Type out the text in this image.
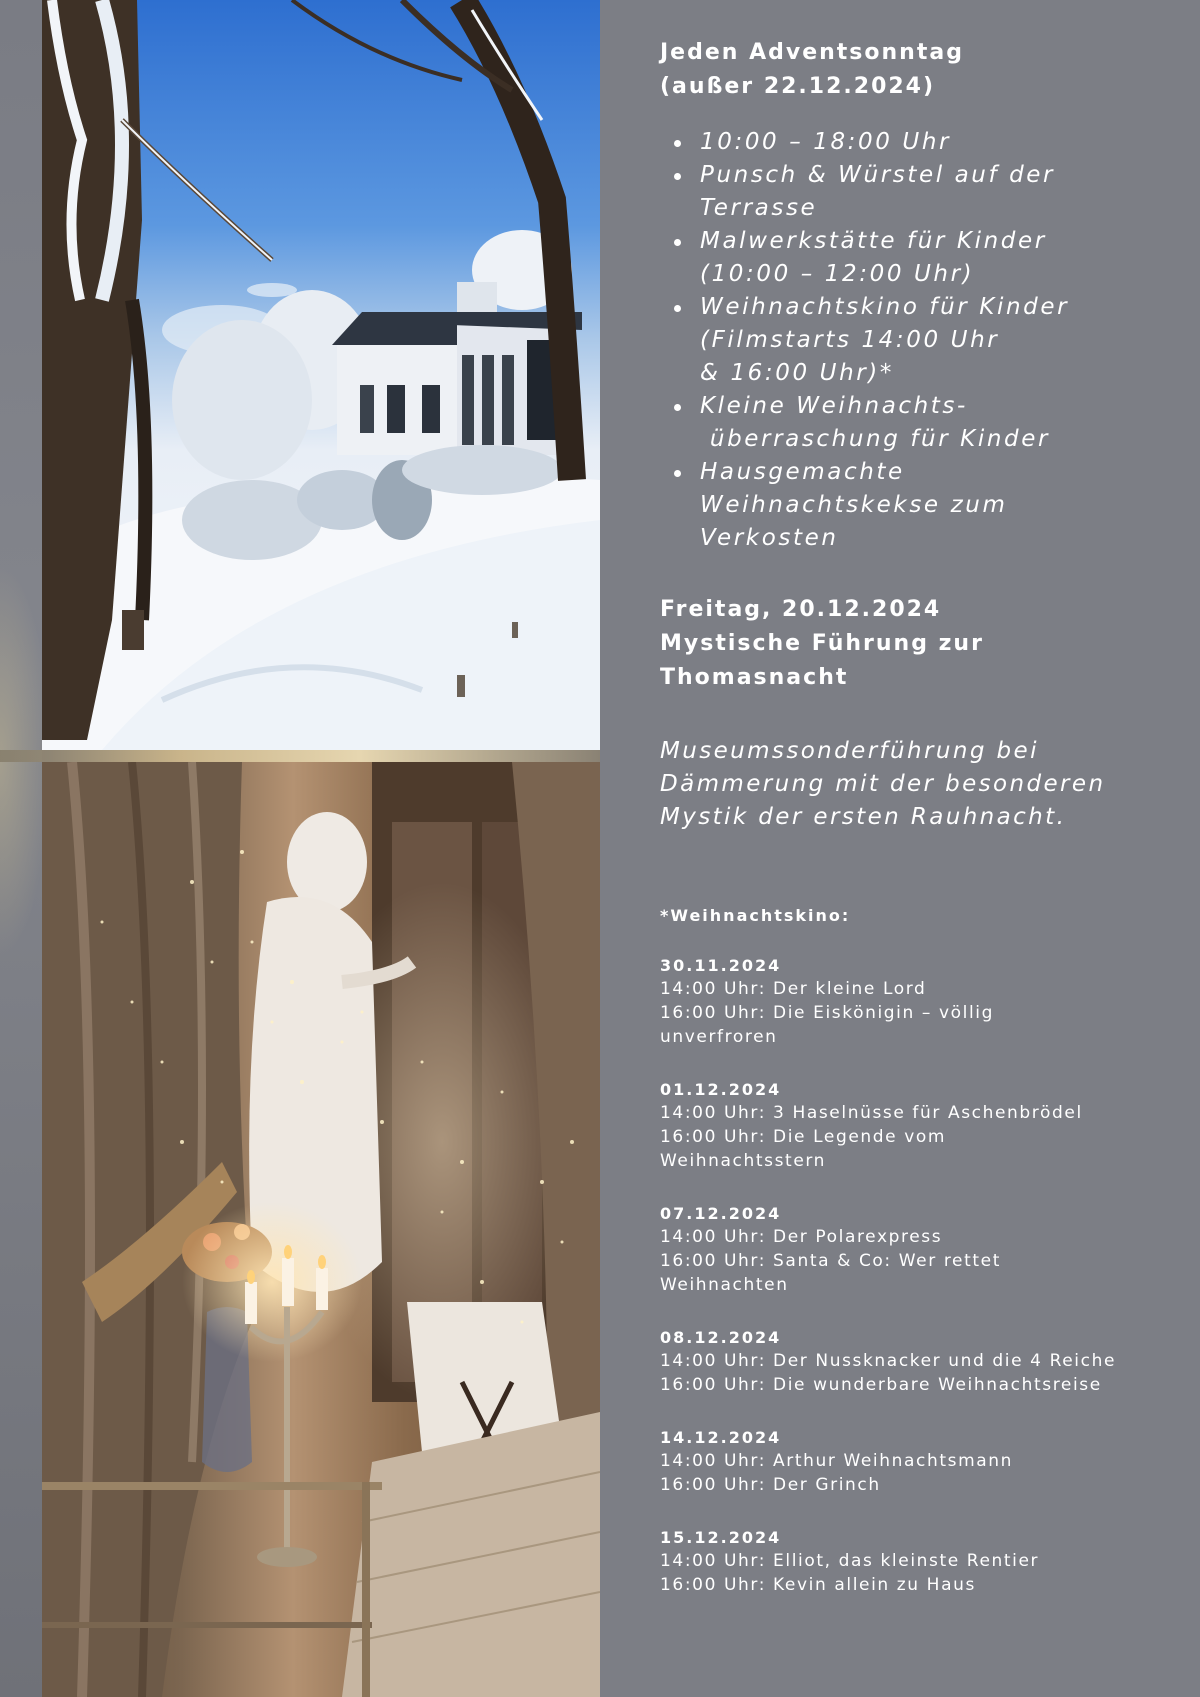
Jeden Adventsonntag

(außer 22.12.2024)

10:00 – 18:00 Uhr
Punsch & Würstel auf der
Terrasse
Malwerkstätte für Kinder
(10:00 – 12:00 Uhr)
Weihnachtskino für Kinder
(Filmstarts 14:00 Uhr
& 16:00 Uhr)*
Kleine Weihnachts-
überraschung für Kinder
Hausgemachte
Weihnachtskekse zum
Verkosten

Freitag, 20.12.2024

Mystische Führung zur

Thomasnacht

Museumssonderführung bei
Dämmerung mit der besonderen
Mystik der ersten Rauhnacht.

*Weihnachtskino:

30.11.2024
14:00 Uhr: Der kleine Lord
16:00 Uhr: Die Eiskönigin – völlig
unverfroren
01.12.2024
14:00 Uhr: 3 Haselnüsse für Aschenbrödel
16:00 Uhr: Die Legende vom
Weihnachtsstern
07.12.2024
14:00 Uhr: Der Polarexpress
16:00 Uhr: Santa & Co: Wer rettet
Weihnachten
08.12.2024
14:00 Uhr: Der Nussknacker und die 4 Reiche
16:00 Uhr: Die wunderbare Weihnachtsreise
14.12.2024
14:00 Uhr: Arthur Weihnachtsmann
16:00 Uhr: Der Grinch
15.12.2024
14:00 Uhr: Elliot, das kleinste Rentier
16:00 Uhr: Kevin allein zu Haus
